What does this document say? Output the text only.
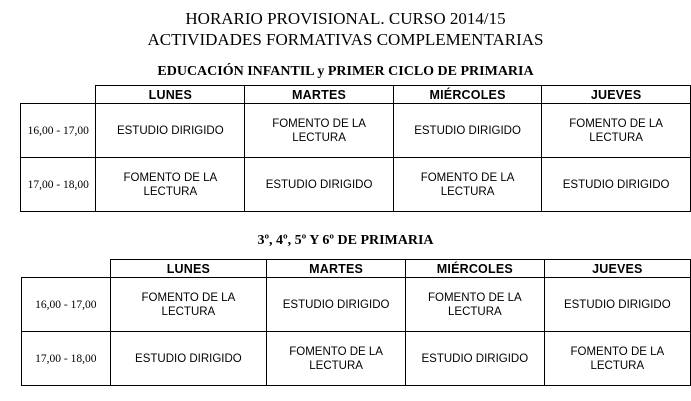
HORARIO PROVISIONAL. CURSO 2014/15
ACTIVIDADES FORMATIVAS COMPLEMENTARIAS
EDUCACIÓN INFANTIL y PRIMER CICLO DE PRIMARIA
	LUNES	MARTES	MIÉRCOLES	JUEVES
16,00 - 17,00	ESTUDIO DIRIGIDO	FOMENTO DE LA LECTURA	ESTUDIO DIRIGIDO	FOMENTO DE LA LECTURA
17,00 - 18,00	FOMENTO DE LA LECTURA	ESTUDIO DIRIGIDO	FOMENTO DE LA LECTURA	ESTUDIO DIRIGIDO
3º, 4º, 5º Y 6º DE PRIMARIA
	LUNES	MARTES	MIÉRCOLES	JUEVES
16,00 - 17,00	FOMENTO DE LA LECTURA	ESTUDIO DIRIGIDO	FOMENTO DE LA LECTURA	ESTUDIO DIRIGIDO
17,00 - 18,00	ESTUDIO DIRIGIDO	FOMENTO DE LA LECTURA	ESTUDIO DIRIGIDO	FOMENTO DE LA LECTURA
